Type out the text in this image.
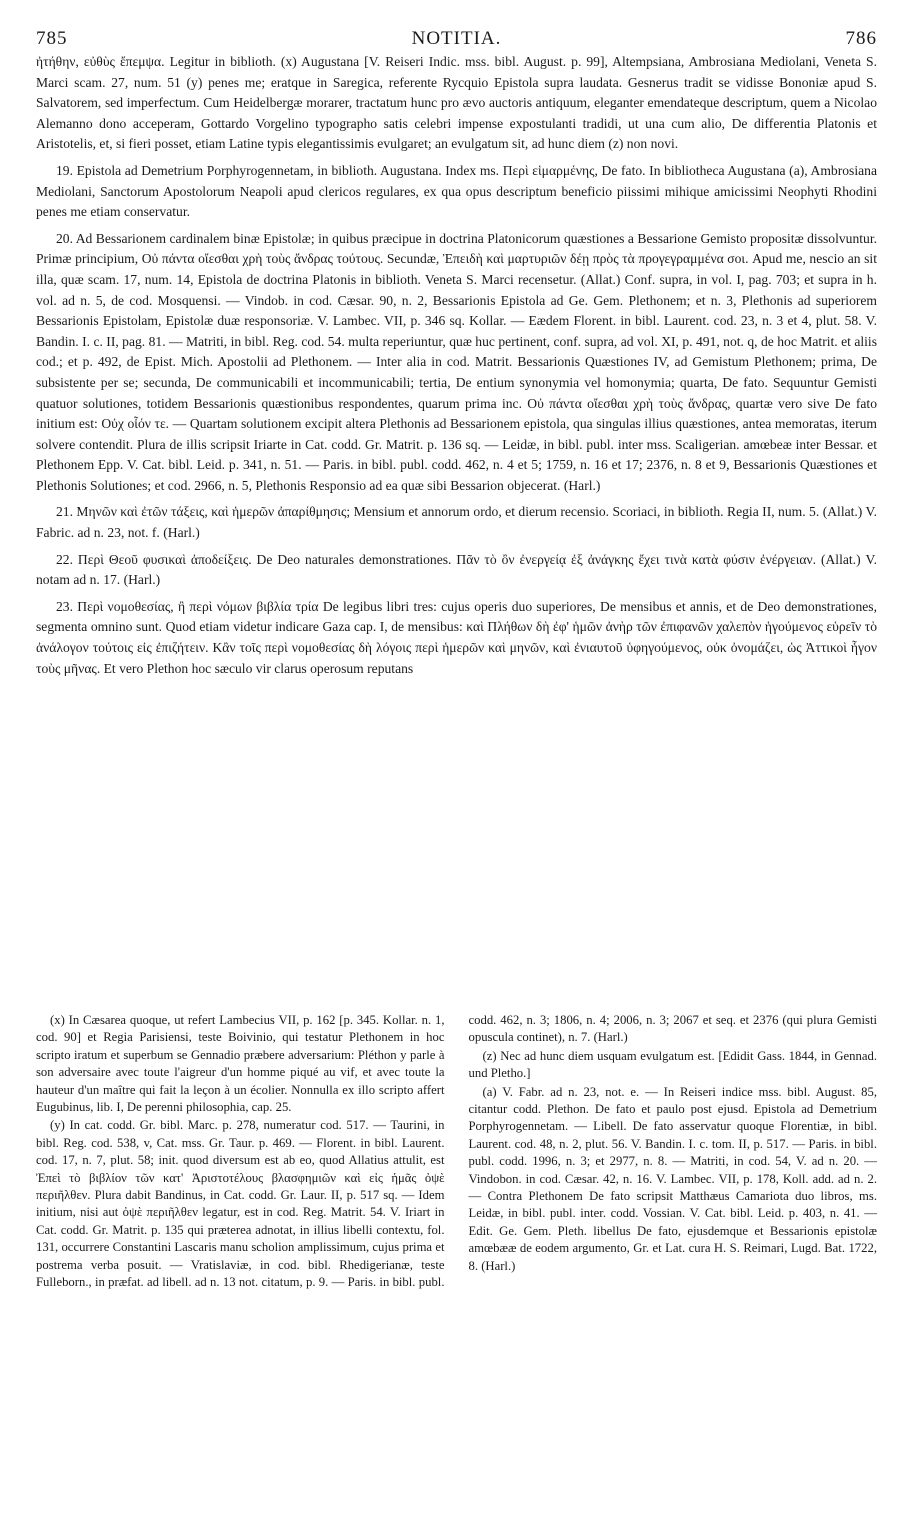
785	NOTITIA.	786

ἠτήθην, εὐθὺς ἔπεμψα. Legitur in biblioth. (x) Augustana [V. Reiseri Indic. mss. bibl. August. p. 99], Altempsiana, Ambrosiana Mediolani, Veneta S. Marci scam. 27, num. 51 (y) penes me; eratque in Saregica, referente Rycquio Epistola supra laudata. Gesnerus tradit se vidisse Bononiæ apud S. Salvatorem, sed imperfectum. Cum Heidelbergæ morarer, tractatum hunc pro ævo auctoris antiquum, eleganter emendateque descriptum, quem a Nicolao Alemanno dono acceperam, Gottardo Vorgelino typographo satis celebri impense expostulanti tradidi, ut una cum alio, De differentia Platonis et Aristotelis, et, si fieri posset, etiam Latine typis elegantissimis evulgaret; an evulgatum sit, ad hunc diem (z) non novi.

19. Epistola ad Demetrium Porphyrogennetam, in biblioth. Augustana. Index ms. Περὶ εἱμαρμένης, De fato. In bibliotheca Augustana (a), Ambrosiana Mediolani, Sanctorum Apostolorum Neapoli apud clericos regulares, ex qua opus descriptum beneficio piissimi mihique amicissimi Neophyti Rhodini penes me etiam conservatur.

20. Ad Bessarionem cardinalem binæ Epistolæ; in quibus præcipue in doctrina Platonicorum quæstiones a Bessarione Gemisto propositæ dissolvuntur. Primæ principium, Οὐ πάντα οἴεσθαι χρὴ τοὺς ἄνδρας τούτους. Secundæ, Ἐπειδὴ καὶ μαρτυριῶν δέῃ πρὸς τὰ προγεγραμμένα σοι. Apud me, nescio an sit illa, quæ scam. 17, num. 14, Epistola de doctrina Platonis in biblioth. Veneta S. Marci recensetur. (Allat.) Conf. supra, in vol. I, pag. 703; et supra in h. vol. ad n. 5, de cod. Mosquensi. — Vindob. in cod. Cæsar. 90, n. 2, Bessarionis Epistola ad Ge. Gem. Plethonem; et n. 3, Plethonis ad superiorem Bessarionis Epistolam, Epistolæ duæ responsoriæ. V. Lambec. VII, p. 346 sq. Kollar. — Eædem Florent. in bibl. Laurent. cod. 23, n. 3 et 4, plut. 58. V. Bandin. I. c. II, pag. 81. — Matriti, in bibl. Reg. cod. 54. multa reperiuntur, quæ huc pertinent, conf. supra, ad vol. XI, p. 491, not. q, de hoc Matrit. et aliis cod.; et p. 492, de Epist. Mich. Apostolii ad Plethonem. — Inter alia in cod. Matrit. Bessarionis Quæstiones IV, ad Gemistum Plethonem; prima, De subsistente per se; secunda, De communicabili et incommunicabili; tertia, De entium synonymia vel homonymia; quarta, De fato. Sequuntur Gemisti quatuor solutiones, totidem Bessarionis quæstionibus respondentes, quarum prima inc. Οὐ πάντα οἴεσθαι χρὴ τοὺς ἄνδρας, quartæ vero sive De fato initium est: Οὐχ οἷόν τε. — Quartam solutionem excipit altera Plethonis ad Bessarionem epistola, qua singulas illius quæstiones, antea memoratas, iterum solvere contendit. Plura de illis scripsit Iriarte in Cat. codd. Gr. Matrit. p. 136 sq. — Leidæ, in bibl. publ. inter mss. Scaligerian. amœbeæ inter Bessar. et Plethonem Epp. V. Cat. bibl. Leid. p. 341, n. 51. — Paris. in bibl. publ. codd. 462, n. 4 et 5; 1759, n. 16 et 17; 2376, n. 8 et 9, Bessarionis Quæstiones et Plethonis Solutiones; et cod. 2966, n. 5, Plethonis Responsio ad ea quæ sibi Bessarion objecerat. (Harl.)

21. Μηνῶν καὶ ἐτῶν τάξεις, καὶ ἡμερῶν ἀπαρίθμησις; Mensium et annorum ordo, et dierum recensio. Scoriaci, in biblioth. Regia II, num. 5. (Allat.) V. Fabric. ad n. 23, not. f. (Harl.)

22. Περὶ Θεοῦ φυσικαὶ ἀποδείξεις. De Deo naturales demonstrationes. Πᾶν τὸ ὂν ἐνεργείᾳ ἐξ ἀνάγκης ἔχει τινὰ κατὰ φύσιν ἐνέργειαν. (Allat.) V. notam ad n. 17. (Harl.)

23. Περὶ νομοθεσίας, ἢ περὶ νόμων βιβλία τρία De legibus libri tres: cujus operis duo superiores, De mensibus et annis, et de Deo demonstrationes, segmenta omnino sunt. Quod etiam videtur indicare Gaza cap. I, de mensibus: καὶ Πλήθων δὴ ἐφ' ἡμῶν ἀνὴρ τῶν ἐπιφανῶν χαλεπὸν ἡγούμενος εὑρεῖν τὸ ἀνάλογον τούτοις εἰς ἐπιζήτειν. Κἂν τοῖς περὶ νομοθεσίας δὴ λόγοις περὶ ἡμερῶν καὶ μηνῶν, καὶ ἐνιαυτοῦ ὑφηγούμενος, οὐκ ὀνομάζει, ὡς Ἀττικοὶ ἦγον τοὺς μῆνας. Et vero Plethon hoc sæculo vir clarus operosum reputans

(x) In Cæsarea quoque, ut refert Lambecius VII, p. 162 [p. 345. Kollar. n. 1, cod. 90] et Regia Parisiensi, teste Boivinio, qui testatur Plethonem in hoc scripto iratum et superbum se Gennadio præbere adversarium: Pléthon y parle à son adversaire avec toute l'aigreur d'un homme piqué au vif, et avec toute la hauteur d'un maître qui fait la leçon à un écolier. Nonnulla ex illo scripto affert Eugubinus, lib. I, De perenni philosophia, cap. 25.

(y) In cat. codd. Gr. bibl. Marc. p. 278, numeratur cod. 517. — Taurini, in bibl. Reg. cod. 538, v, Cat. mss. Gr. Taur. p. 469. — Florent. in bibl. Laurent. cod. 17, n. 7, plut. 58; init. quod diversum est ab eo, quod Allatius attulit, est Ἐπεὶ τὸ βιβλίον τῶν κατ' Ἀριστοτέλους βλασφημιῶν καὶ εἰς ἡμᾶς ὀψὲ περιῆλθεν. Plura dabit Bandinus, in Cat. codd. Gr. Laur. II, p. 517 sq. — Idem initium, nisi aut ὀψὲ περιῆλθεν legatur, est in cod. Reg. Matrit. 54. V. Iriart in Cat. codd. Gr. Matrit. p. 135 qui præterea adnotat, in illius libelli contextu, fol. 131, occurrere Constantini Lascaris manu scholion amplissimum, cujus prima et postrema verba posuit. — Vratislaviæ, in cod. bibl. Rhedigerianæ, teste Fulleborn., in præfat. ad libell. ad n. 13 not. citatum, p. 9. — Paris. in bibl. publ. codd. 462, n. 3; 1806, n. 4; 2006, n. 3; 2067 et seq. et 2376 (qui plura Gemisti opuscula continet), n. 7. (Harl.)

(z) Nec ad hunc diem usquam evulgatum est. [Edidit Gass. 1844, in Gennad. und Pletho.]

(a) V. Fabr. ad n. 23, not. e. — In Reiseri indice mss. bibl. August. 85, citantur codd. Plethon. De fato et paulo post ejusd. Epistola ad Demetrium Porphyrogennetam. — Libell. De fato asservatur quoque Florentiæ, in bibl. Laurent. cod. 48, n. 2, plut. 56. V. Bandin. I. c. tom. II, p. 517. — Paris. in bibl. publ. codd. 1996, n. 3; et 2977, n. 8. — Matriti, in cod. 54, V. ad n. 20. — Vindobon. in cod. Cæsar. 42, n. 16. V. Lambec. VII, p. 178, Koll. add. ad n. 2. — Contra Plethonem De fato scripsit Matthæus Camariota duo libros, ms. Leidæ, in bibl. publ. inter. codd. Vossian. V. Cat. bibl. Leid. p. 403, n. 41. — Edit. Ge. Gem. Pleth. libellus De fato, ejusdemque et Bessarionis epistolæ amœbææ de eodem argumento, Gr. et Lat. cura H. S. Reimari, Lugd. Bat. 1722, 8. (Harl.)
